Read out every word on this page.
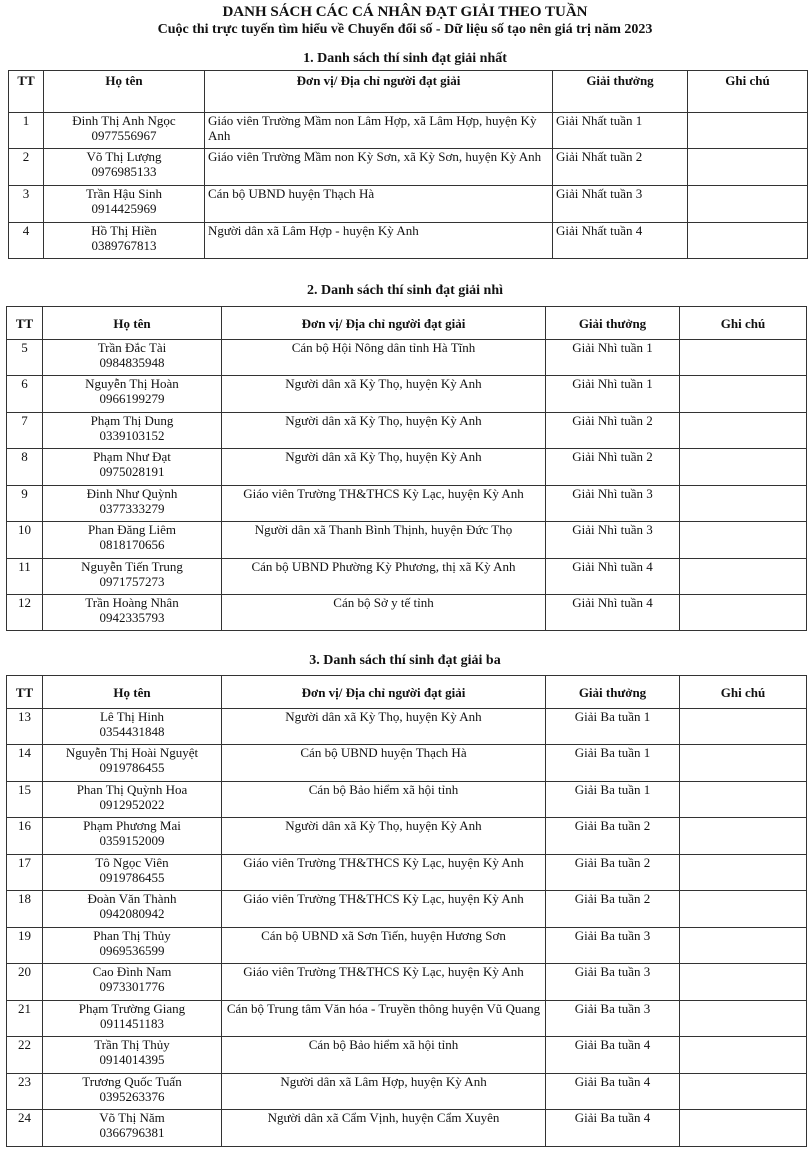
DANH SÁCH CÁC CÁ NHÂN ĐẠT GIẢI THEO TUẦN
Cuộc thi trực tuyến tìm hiểu về Chuyển đổi số - Dữ liệu số tạo nên giá trị năm 2023
1. Danh sách thí sinh đạt giải nhất
TT	Họ tên	Đơn vị/ Địa chỉ người đạt giải	Giải thưởng	Ghi chú
1	Đinh Thị Anh Ngọc
0977556967	Giáo viên Trường Mầm non Lâm Hợp, xã Lâm Hợp, huyện Kỳ Anh	Giải Nhất tuần 1	
2	Võ Thị Lượng
0976985133	Giáo viên Trường Mầm non Kỳ Sơn, xã Kỳ Sơn, huyện Kỳ Anh	Giải Nhất tuần 2	
3	Trần Hậu Sinh
0914425969	Cán bộ UBND huyện Thạch Hà	Giải Nhất tuần 3	
4	Hồ Thị Hiền
0389767813	Người dân xã Lâm Hợp - huyện Kỳ Anh	Giải Nhất tuần 4	
2. Danh sách thí sinh đạt giải nhì
TT	Họ tên	Đơn vị/ Địa chỉ người đạt giải	Giải thưởng	Ghi chú
5	Trần Đắc Tài
0984835948	Cán bộ Hội Nông dân tỉnh Hà Tĩnh	Giải Nhì tuần 1	
6	Nguyễn Thị Hoàn
0966199279	Người dân xã Kỳ Thọ, huyện Kỳ Anh	Giải Nhì tuần 1	
7	Phạm Thị Dung
0339103152	Người dân xã Kỳ Thọ, huyện Kỳ Anh	Giải Nhì tuần 2	
8	Phạm Như Đạt
0975028191	Người dân xã Kỳ Thọ, huyện Kỳ Anh	Giải Nhì tuần 2	
9	Đinh Như Quỳnh
0377333279	Giáo viên Trường TH&THCS Kỳ Lạc, huyện Kỳ Anh	Giải Nhì tuần 3	
10	Phan Đăng Liêm
0818170656	Người dân xã Thanh Bình Thịnh, huyện Đức Thọ	Giải Nhì tuần 3	
11	Nguyễn Tiến Trung
0971757273	Cán bộ UBND Phường Kỳ Phương, thị xã Kỳ Anh	Giải Nhì tuần 4	
12	Trần Hoàng Nhân
0942335793	Cán bộ Sở y tế tỉnh	Giải Nhì tuần 4	
3. Danh sách thí sinh đạt giải ba
TT	Họ tên	Đơn vị/ Địa chỉ người đạt giải	Giải thưởng	Ghi chú
13	Lê Thị Hinh
0354431848	Người dân xã Kỳ Thọ, huyện Kỳ Anh	Giải Ba tuần 1	
14	Nguyễn Thị Hoài Nguyệt
0919786455	Cán bộ UBND huyện Thạch Hà	Giải Ba tuần 1	
15	Phan Thị Quỳnh Hoa
0912952022	Cán bộ Bảo hiểm xã hội tỉnh	Giải Ba tuần 1	
16	Phạm Phương Mai
0359152009	Người dân xã Kỳ Thọ, huyện Kỳ Anh	Giải Ba tuần 2	
17	Tô Ngọc Viên
0919786455	Giáo viên Trường TH&THCS Kỳ Lạc, huyện Kỳ Anh	Giải Ba tuần 2	
18	Đoàn Văn Thành
0942080942	Giáo viên Trường TH&THCS Kỳ Lạc, huyện Kỳ Anh	Giải Ba tuần 2	
19	Phan Thị Thủy
0969536599	Cán bộ UBND xã Sơn Tiến, huyện Hương Sơn	Giải Ba tuần 3	
20	Cao Đình Nam
0973301776	Giáo viên Trường TH&THCS Kỳ Lạc, huyện Kỳ Anh	Giải Ba tuần 3	
21	Phạm Trường Giang
0911451183	Cán bộ Trung tâm Văn hóa - Truyền thông huyện Vũ Quang	Giải Ba tuần 3	
22	Trần Thị Thủy
0914014395	Cán bộ Bảo hiểm xã hội tỉnh	Giải Ba tuần 4	
23	Trương Quốc Tuấn
0395263376	Người dân xã Lâm Hợp, huyện Kỳ Anh	Giải Ba tuần 4	
24	Võ Thị Năm
0366796381	Người dân xã Cẩm Vịnh, huyện Cẩm Xuyên	Giải Ba tuần 4	
